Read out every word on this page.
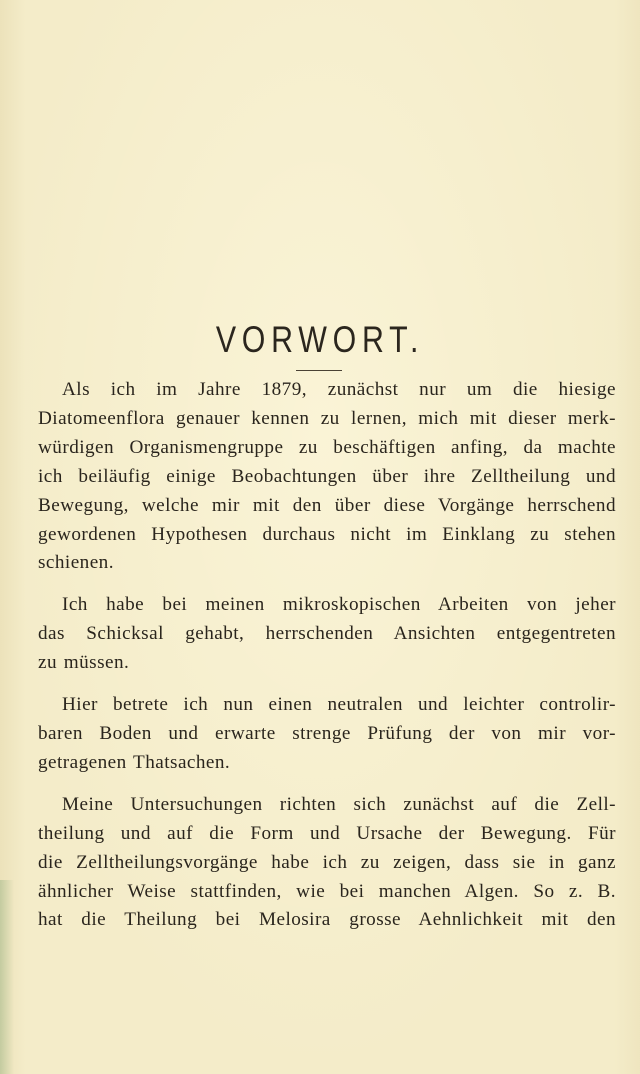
VORWORT.

Als ich im Jahre 1879, zunächst nur um die hiesige
Diatomeenflora genauer kennen zu lernen, mich mit dieser merk-
würdigen Organismengruppe zu beschäftigen anfing, da machte
ich beiläufig einige Beobachtungen über ihre Zelltheilung und
Bewegung, welche mir mit den über diese Vorgänge herrschend
gewordenen Hypothesen durchaus nicht im Einklang zu stehen
schienen.

Ich habe bei meinen mikroskopischen Arbeiten von jeher
das Schicksal gehabt, herrschenden Ansichten entgegentreten
zu müssen.

Hier betrete ich nun einen neutralen und leichter controlir-
baren Boden und erwarte strenge Prüfung der von mir vor-
getragenen Thatsachen.

Meine Untersuchungen richten sich zunächst auf die Zell-
theilung und auf die Form und Ursache der Bewegung. Für
die Zelltheilungsvorgänge habe ich zu zeigen, dass sie in ganz
ähnlicher Weise stattfinden, wie bei manchen Algen. So z. B.
hat die Theilung bei Melosira grosse Aehnlichkeit mit den
